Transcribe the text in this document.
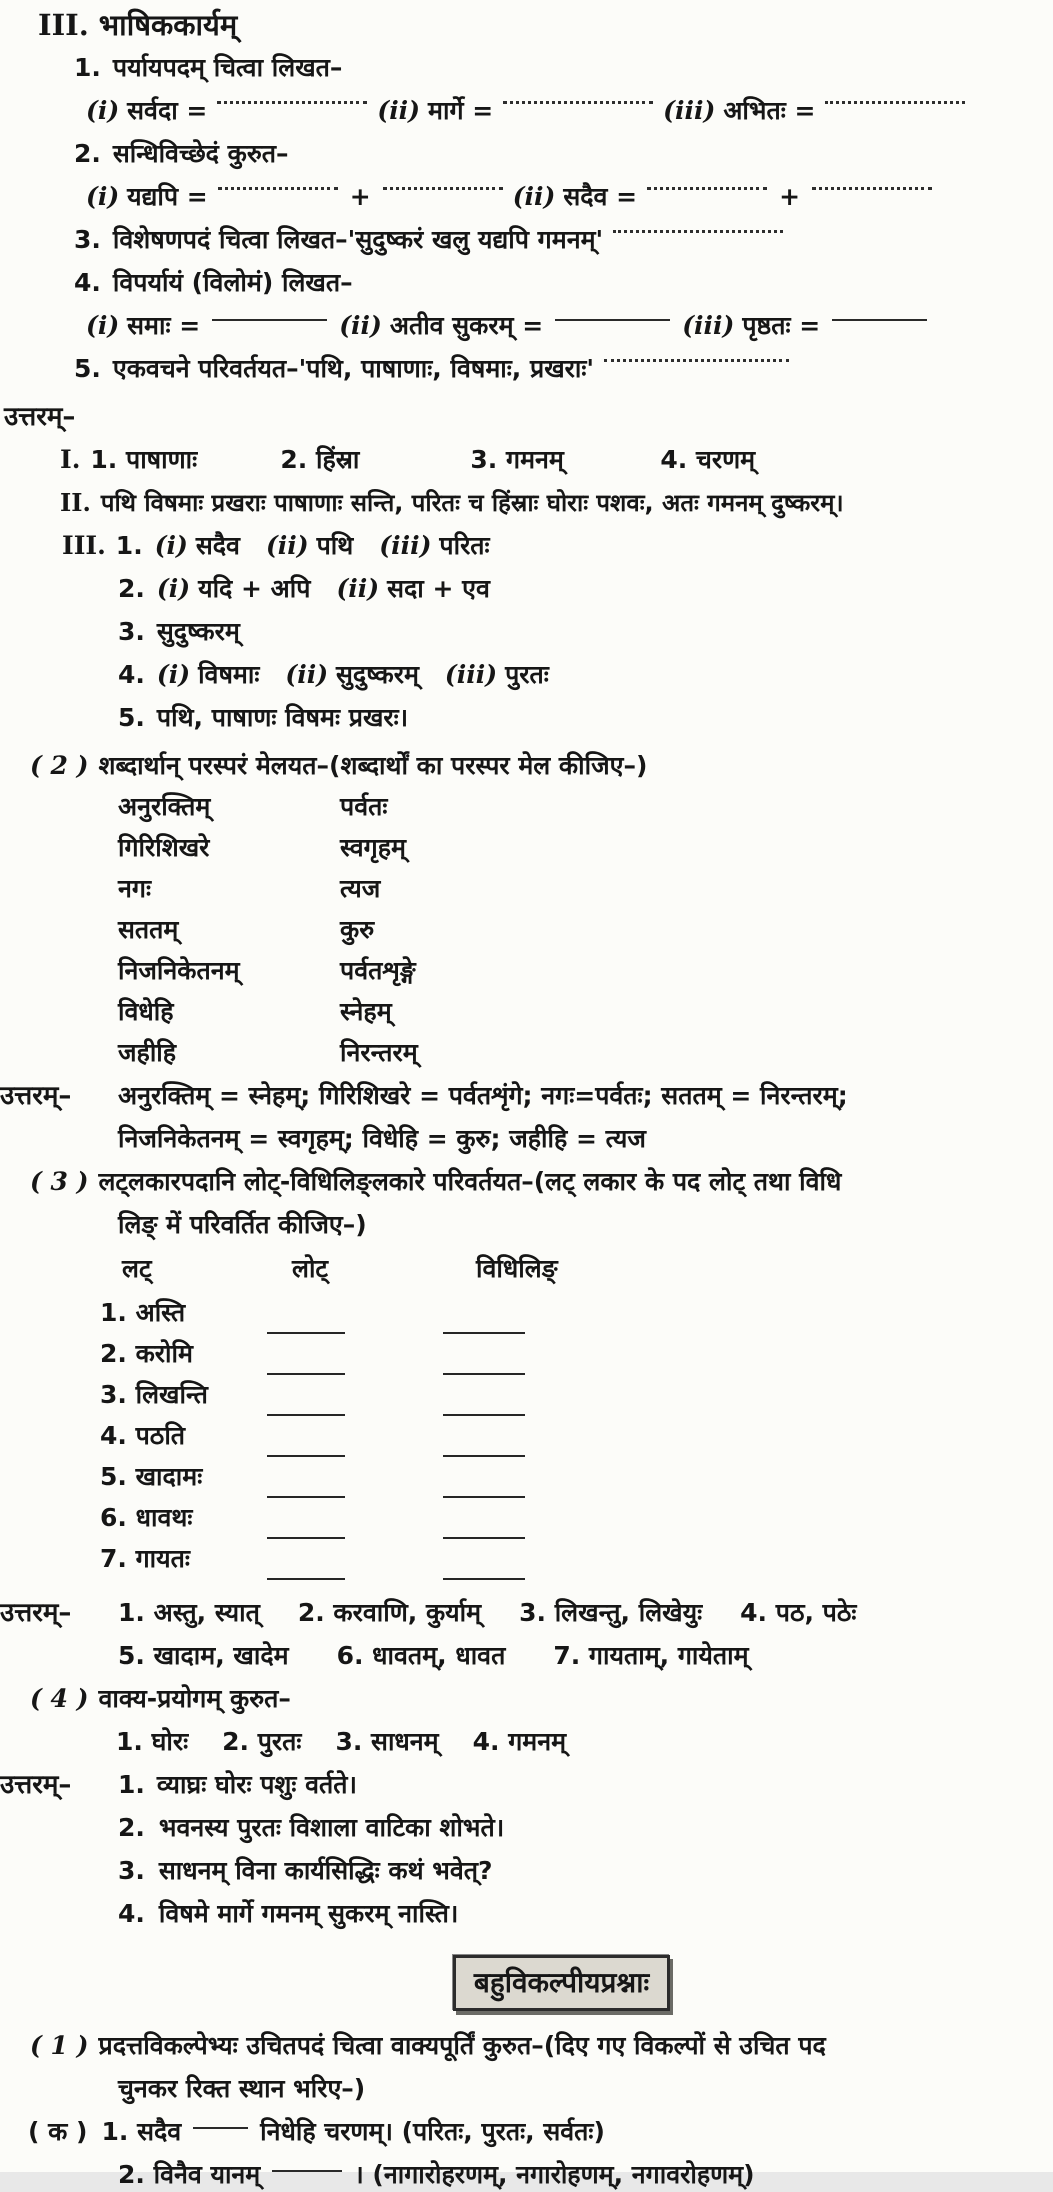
III. भाषिककार्यम्
1. पर्यायपदम् चित्वा लिखत–
(i) सर्वदा =	(ii) मार्गे =	(iii) अभितः =
2. सन्धिविच्छेदं कुरुत–
(i) यद्यपि =	+	(ii) सदैव =	+
3. विशेषणपदं चित्वा लिखत–'सुदुष्करं खलु यद्यपि गमनम्'
4. विपर्यायं (विलोमं) लिखत–
(i) समाः =	(ii) अतीव सुकरम् =	(iii) पृष्ठतः =
5. एकवचने परिवर्तयत–'पथि, पाषाणाः, विषमाः, प्रखराः'
उत्तरम्–
I. 1. पाषाणाः	2. हिंस्रा	3. गमनम्	4. चरणम्
II. पथि विषमाः प्रखराः पाषाणाः सन्ति, परितः च हिंस्राः घोराः पशवः, अतः गमनम् दुष्करम्।
III. 1. (i) सदैव (ii) पथि (iii) परितः
2. (i) यदि + अपि (ii) सदा + एव
3. सुदुष्करम्
4. (i) विषमाः (ii) सुदुष्करम् (iii) पुरतः
5. पथि, पाषाणः विषमः प्रखरः।
( 2 ) शब्दार्थान् परस्परं मेलयत– (शब्दार्थों का परस्पर मेल कीजिए–)
अनुरक्तिम्	पर्वतः
गिरिशिखरे	स्वगृहम्
नगः	त्यज
सततम्	कुरु
निजनिकेतनम्	पर्वतशृङ्गे
विधेहि	स्नेहम्
जहीहि	निरन्तरम्
उत्तरम्–	अनुरक्तिम् = स्नेहम्; गिरिशिखरे = पर्वतशृंगे; नगः=पर्वतः; सततम् = निरन्तरम्;
निजनिकेतनम् = स्वगृहम्; विधेहि = कुरु; जहीहि = त्यज
( 3 ) लट्लकारपदानि लोट्-विधिलिङ्लकारे परिवर्तयत– (लट् लकार के पद लोट् तथा विधि
लिङ् में परिवर्तित कीजिए–)
लट्	लोट्	विधिलिङ्
1. अस्ति
2. करोमि
3. लिखन्ति
4. पठति
5. खादामः
6. धावथः
7. गायतः
उत्तरम्–	1. अस्तु, स्यात् 2. करवाणि, कुर्याम् 3. लिखन्तु, लिखेयुः 4. पठ, पठेः
5. खादाम, खादेम 6. धावतम्, धावत 7. गायताम्, गायेताम्
( 4 ) वाक्य-प्रयोगम् कुरुत–
1. घोरः 2. पुरतः 3. साधनम् 4. गमनम्
उत्तरम्–	1. व्याघ्रः घोरः पशुः वर्तते।
2. भवनस्य पुरतः विशाला वाटिका शोभते।
3. साधनम् विना कार्यसिद्धिः कथं भवेत्?
4. विषमे मार्गे गमनम् सुकरम् नास्ति।
बहुविकल्पीयप्रश्नाः
( 1 ) प्रदत्तविकल्पेभ्यः उचितपदं चित्वा वाक्यपूर्तिं कुरुत– (दिए गए विकल्पों से उचित पद
चुनकर रिक्त स्थान भरिए–)
( क ) 1. सदैव	निधेहि चरणम्। (परितः, पुरतः, सर्वतः)
2. विनैव यानम्	। (नागारोहरणम्, नगारोहणम्, नगावरोहणम्)
